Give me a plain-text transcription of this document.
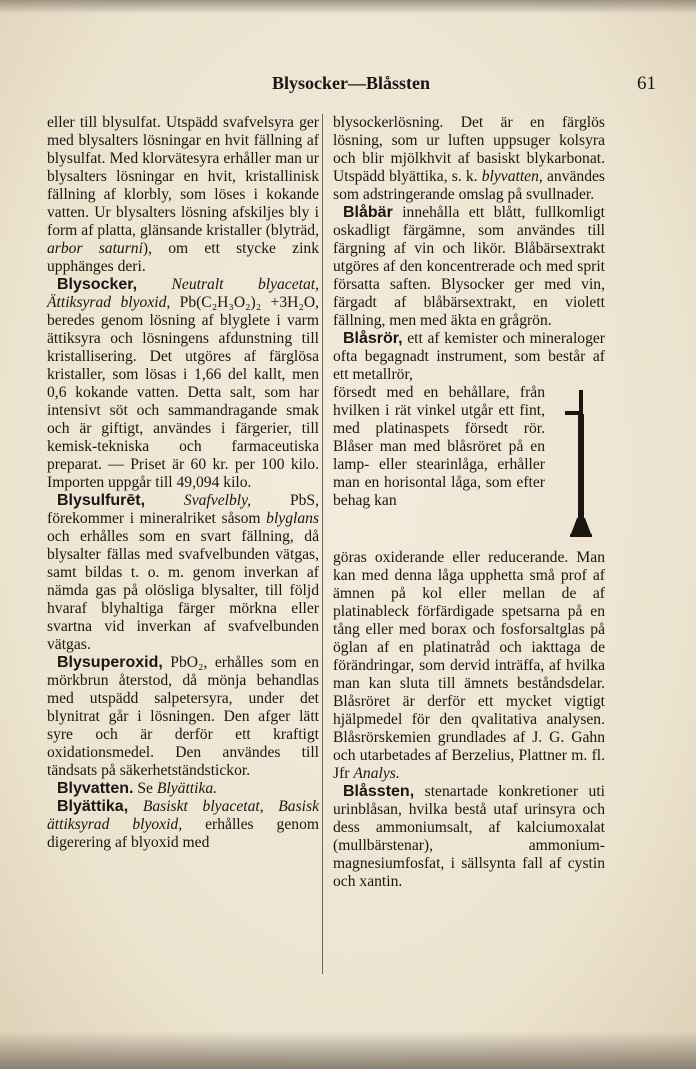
Blysocker—Blåssten	61

eller till blysulfat. Utspädd svafvelsyra ger med blysalters lösningar en hvit fällning af blysulfat. Med klorvätesyra erhåller man ur blysalters lösningar en hvit, kristallinisk fällning af klorbly, som löses i kokande vatten. Ur blysalters lösning afskiljes bly i form af platta, glänsande kristaller (blyträd, arbor saturni), om ett stycke zink upphänges deri.

Blysocker, Neutralt blyacetat, Ättiksyrad blyoxid, Pb(C₂H₃O₂)₂ +3H₂O, beredes genom lösning af blyglete i varm ättiksyra och lösningens afdunstning till kristallisering. Det utgöres af färglösa kristaller, som lösas i 1,66 del kallt, men 0,6 kokande vatten. Detta salt, som har intensivt söt och sammandragande smak och är giftigt, användes i färgerier, till kemisk-tekniska och farmaceutiska preparat. — Priset är 60 kr. per 100 kilo. Importen uppgår till 49,094 kilo.

Blysulfurēt, Svafvelbly, PbS, förekommer i mineralriket såsom blyglans och erhålles som en svart fällning, då blysalter fällas med svafvelbunden vätgas, samt bildas t. o. m. genom inverkan af nämda gas på olösliga blysalter, till följd hvaraf blyhaltiga färger mörkna eller svartna vid inverkan af svafvelbunden vätgas.

Blysuperoxid, PbO₂, erhålles som en mörkbrun återstod, då mönja behandlas med utspädd salpetersyra, under det blynitrat går i lösningen. Den afger lätt syre och är derför ett kraftigt oxidationsmedel. Den användes till tändsats på säkerhetständstickor.

Blyvatten. Se Blyättika.

Blyättika, Basiskt blyacetat, Basisk ättiksyrad blyoxid, erhålles genom digerering af blyoxid med

blysockerlösning. Det är en färglös lösning, som ur luften uppsuger kolsyra och blir mjölkhvit af basiskt blykarbonat. Utspädd blyättika, s. k. blyvatten, användes som adstringerande omslag på svullnader.

Blåbär innehålla ett blått, fullkomligt oskadligt färgämne, som användes till färgning af vin och likör. Blåbärsextrakt utgöres af den koncentrerade och med sprit försatta saften. Blysocker ger med vin, färgadt af blåbärsextrakt, en violett fällning, men med äkta en grågrön.

Blåsrör, ett af kemister och mineraloger ofta begagnadt instrument, som består af ett metallrör,

försedt med en behållare, från hvilken i rät vinkel utgår ett fint, med platinaspets försedt rör. Blåser man med blåsröret på en lamp- eller stearinlåga, erhåller man en horisontal låga, som efter behag kan

göras oxiderande eller reducerande. Man kan med denna låga upphetta små prof af ämnen på kol eller mellan de af platinableck förfärdigade spetsarna på en tång eller med borax och fosforsaltglas på öglan af en platinatråd och iakttaga de förändringar, som dervid inträffa, af hvilka man kan sluta till ämnets beståndsdelar. Blåsröret är derför ett mycket vigtigt hjälpmedel för den qvalitativa analysen. Blåsrörskemien grundlades af J. G. Gahn och utarbetades af Berzelius, Plattner m. fl. Jfr Analys.

Blåssten, stenartade konkretioner uti urinblåsan, hvilka bestå utaf urinsyra och dess ammoniumsalt, af kalciumoxalat (mullbärstenar), ammonium-magnesiumfosfat, i sällsynta fall af cystin och xantin.
